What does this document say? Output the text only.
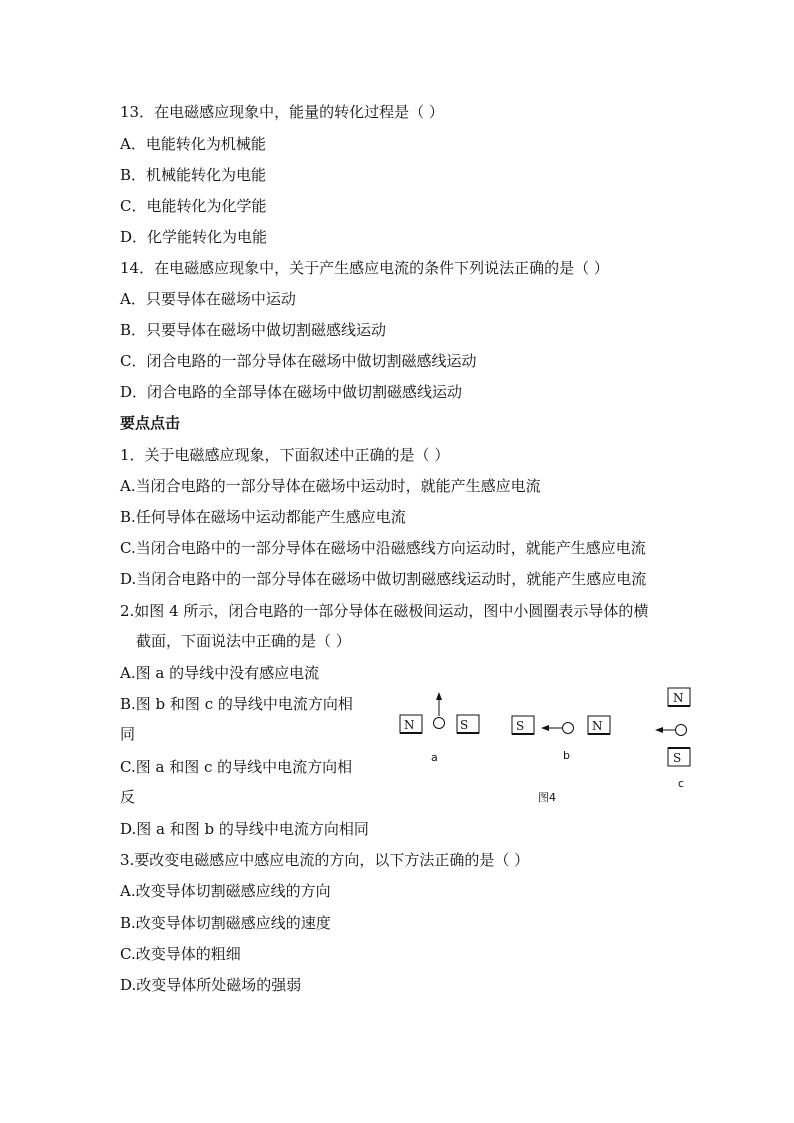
13．在电磁感应现象中，能量的转化过程是（ ）
A．电能转化为机械能
B．机械能转化为电能
C．电能转化为化学能
D．化学能转化为电能
14．在电磁感应现象中，关于产生感应电流的条件下列说法正确的是（ ）
A．只要导体在磁场中运动
B．只要导体在磁场中做切割磁感线运动
C．闭合电路的一部分导体在磁场中做切割磁感线运动
D．闭合电路的全部导体在磁场中做切割磁感线运动
要点点击
1．关于电磁感应现象，下面叙述中正确的是（ ）
A.当闭合电路的一部分导体在磁场中运动时，就能产生感应电流
B.任何导体在磁场中运动都能产生感应电流
C.当闭合电路中的一部分导体在磁场中沿磁感线方向运动时，就能产生感应电流
D.当闭合电路中的一部分导体在磁场中做切割磁感线运动时，就能产生感应电流
2.如图 4 所示，闭合电路的一部分导体在磁极间运动，图中小圆圈表示导体的横
截面，下面说法中正确的是（ ）
A.图 a 的导线中没有感应电流
B.图 b 和图 c 的导线中电流方向相
同
C.图 a 和图 c 的导线中电流方向相
反
D.图 a 和图 b 的导线中电流方向相同
N	S
a
S	N
b
N
S
c
图4
3.要改变电磁感应中感应电流的方向，以下方法正确的是（ ）
A.改变导体切割磁感应线的方向
B.改变导体切割磁感应线的速度
C.改变导体的粗细
D.改变导体所处磁场的强弱
